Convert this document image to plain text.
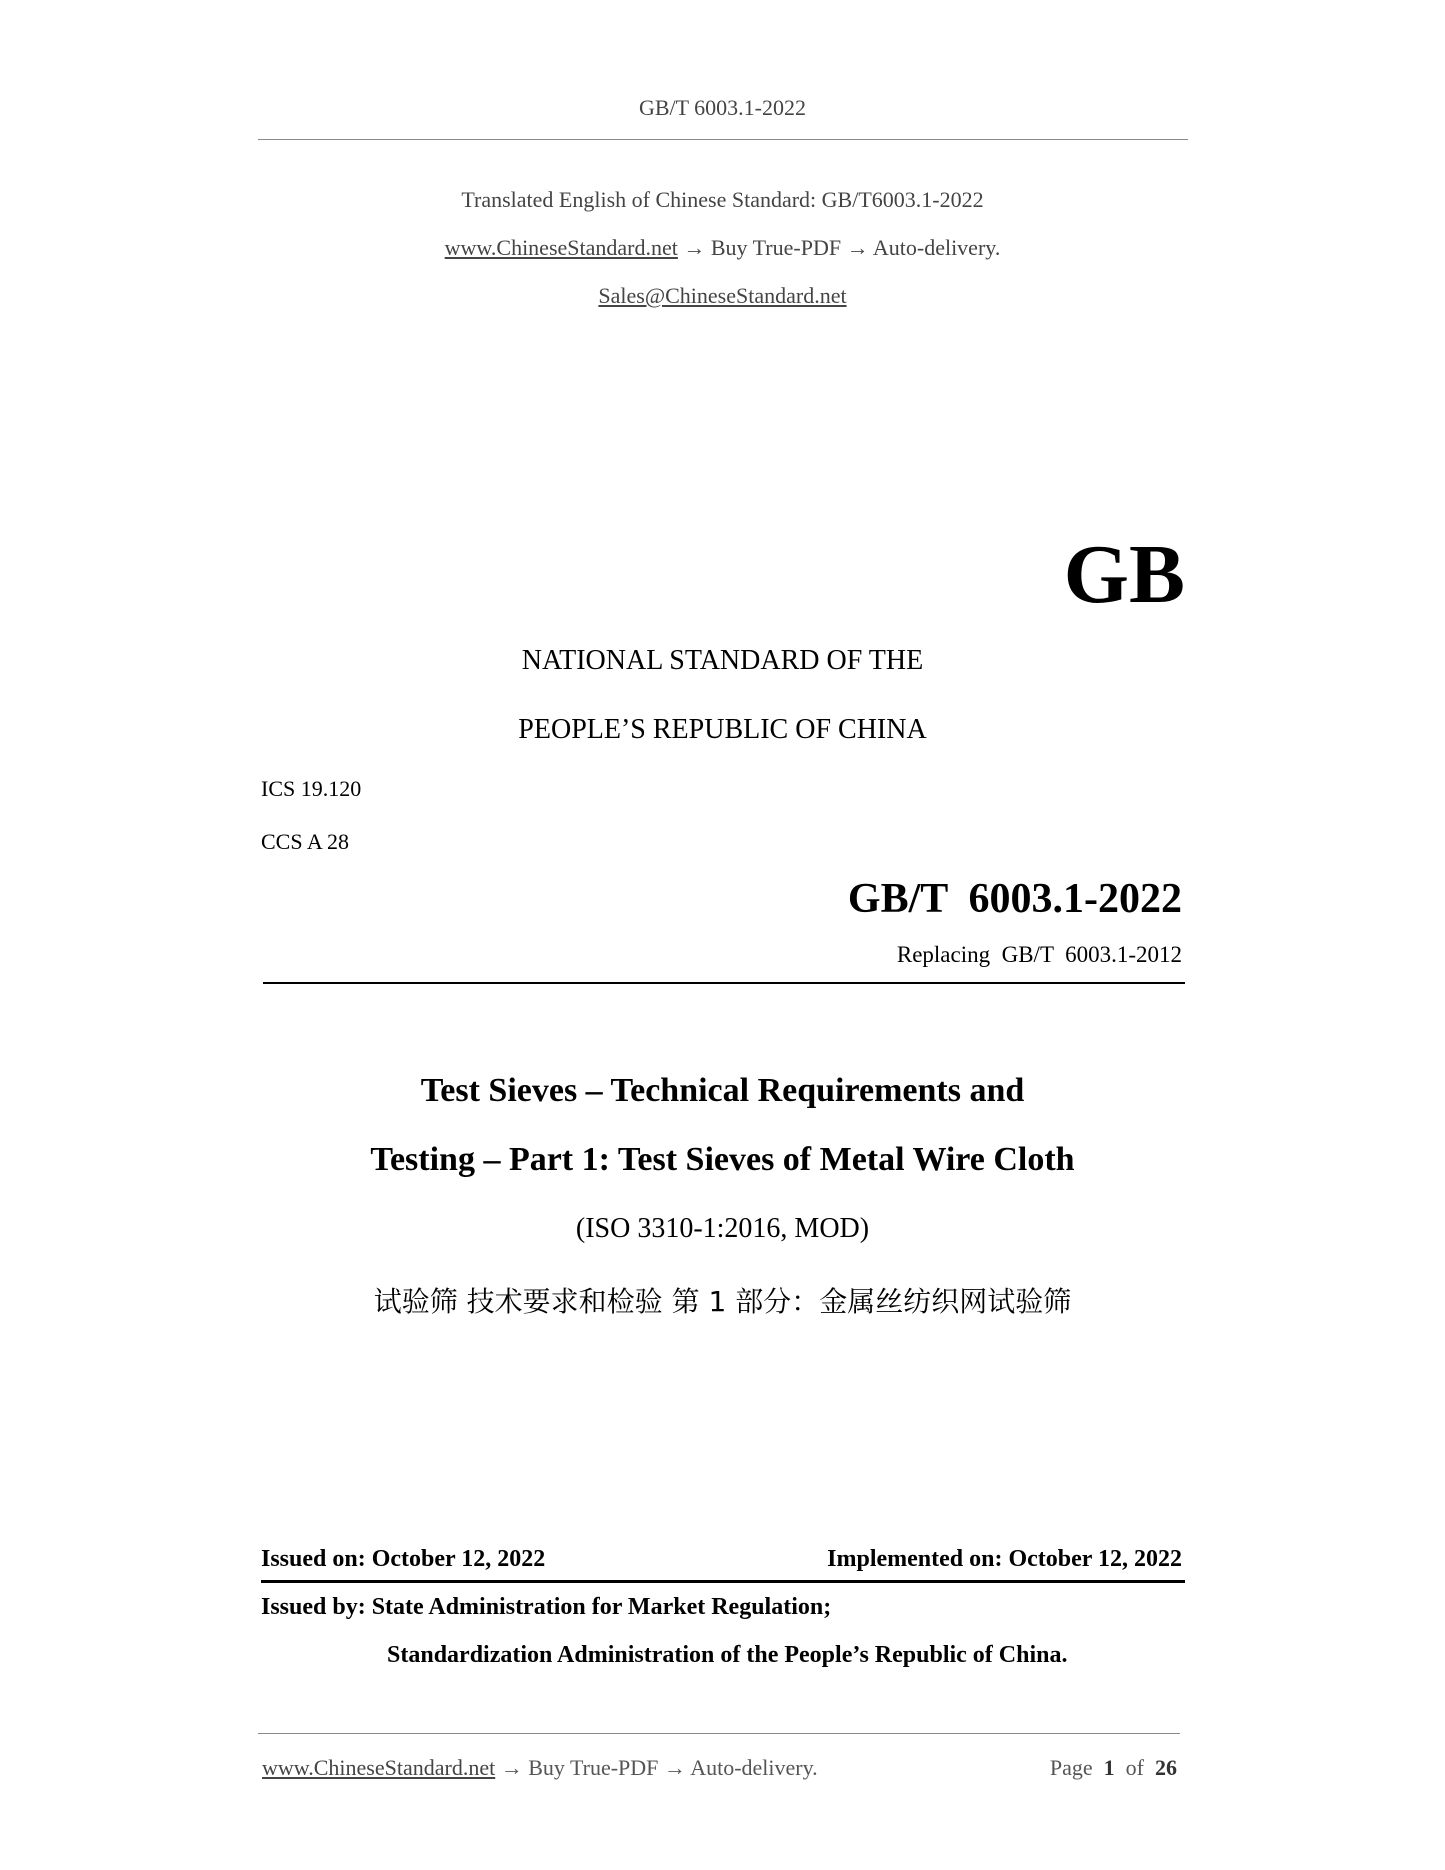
GB/T 6003.1-2022
Translated English of Chinese Standard: GB/T6003.1-2022
www.ChineseStandard.net → Buy True-PDF → Auto-delivery.
Sales@ChineseStandard.net
GB
NATIONAL STANDARD OF THE
PEOPLE’S REPUBLIC OF CHINA
ICS 19.120
CCS A 28
GB/T  6003.1-2022
Replacing  GB/T  6003.1-2012
Test Sieves – Technical Requirements and
Testing – Part 1: Test Sieves of Metal Wire Cloth
(ISO 3310-1:2016, MOD)
试验筛 技术要求和检验 第 1 部分：金属丝纺织网试验筛
Issued on: October 12, 2022	Implemented on: October 12, 2022
Issued by: State Administration for Market Regulation;
Standardization Administration of the People’s Republic of China.
www.ChineseStandard.net → Buy True-PDF → Auto-delivery.	Page 1 of 26
